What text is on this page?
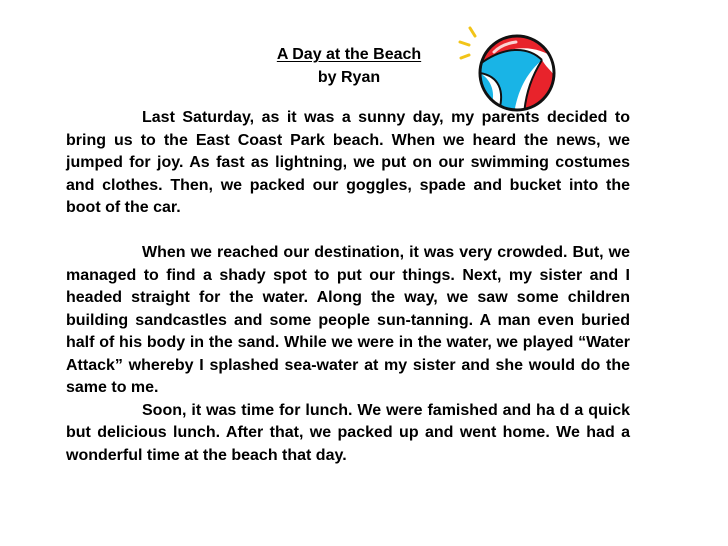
A Day at the Beach
by Ryan

Last Saturday, as it was a sunny day, my parents decided to bring us to the East Coast Park beach. When we heard the news, we jumped for joy. As fast as lightning, we put on our swimming costumes and clothes. Then, we packed our goggles, spade and bucket into the boot of the car.

When we reached our destination, it was very crowded. But, we managed to find a shady spot to put our things. Next, my sister and I headed straight for the water. Along the way, we saw some children building sandcastles and some people sun-tanning. A man even buried half of his body in the sand. While we were in the water, we played “Water Attack” whereby I splashed sea-water at my sister and she would do the same to me.

Soon, it was time for lunch. We were famished and ha d a quick but delicious lunch. After that, we packed up and went home. We had a wonderful time at the beach that day.
